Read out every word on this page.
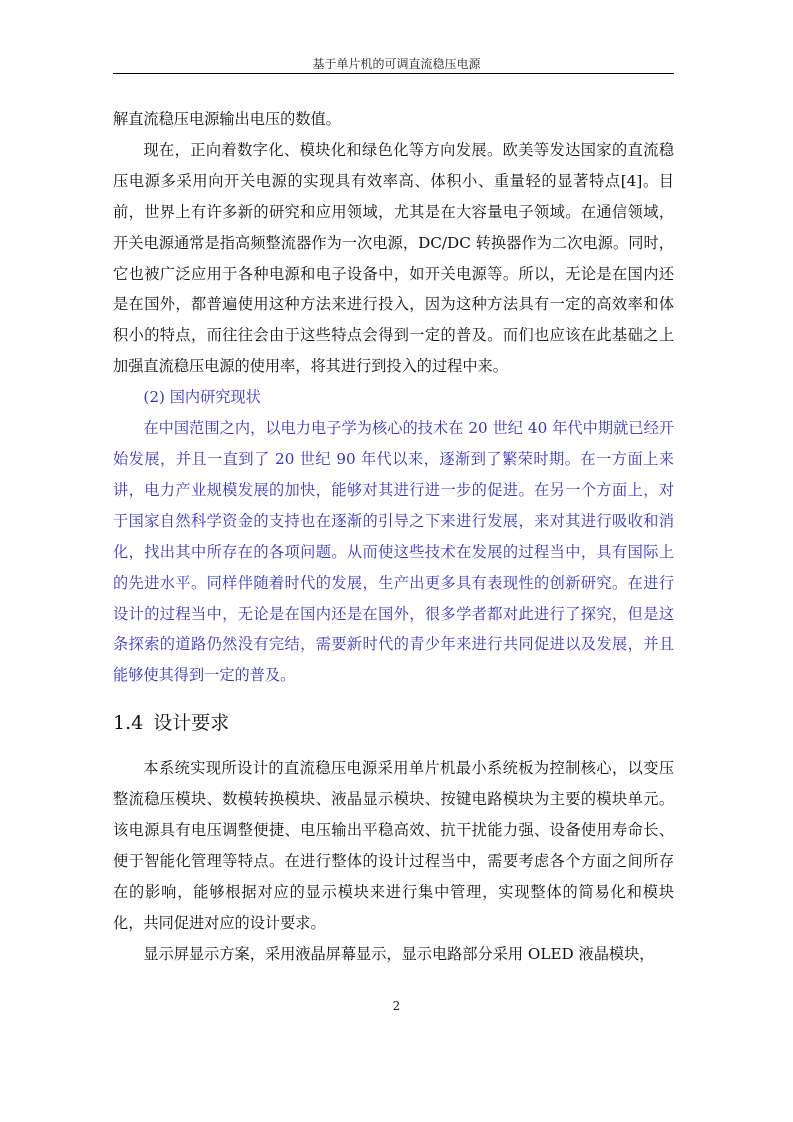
基于单片机的可调直流稳压电源

解直流稳压电源输出电压的数值。

现在，正向着数字化、模块化和绿色化等方向发展。欧美等发达国家的直流稳压电源多采用向开关电源的实现具有效率高、体积小、重量轻的显著特点[4]。目前，世界上有许多新的研究和应用领域，尤其是在大容量电子领域。在通信领域，开关电源通常是指高频整流器作为一次电源，DC/DC 转换器作为二次电源。同时，它也被广泛应用于各种电源和电子设备中，如开关电源等。所以，无论是在国内还是在国外，都普遍使用这种方法来进行投入，因为这种方法具有一定的高效率和体积小的特点，而往往会由于这些特点会得到一定的普及。而们也应该在此基础之上加强直流稳压电源的使用率，将其进行到投入的过程中来。

(2) 国内研究现状

在中国范围之内，以电力电子学为核心的技术在 20 世纪 40 年代中期就已经开始发展，并且一直到了 20 世纪 90 年代以来，逐渐到了繁荣时期。在一方面上来讲，电力产业规模发展的加快，能够对其进行进一步的促进。在另一个方面上，对于国家自然科学资金的支持也在逐渐的引导之下来进行发展，来对其进行吸收和消化，找出其中所存在的各项问题。从而使这些技术在发展的过程当中，具有国际上的先进水平。同样伴随着时代的发展，生产出更多具有表现性的创新研究。在进行设计的过程当中，无论是在国内还是在国外，很多学者都对此进行了探究，但是这条探索的道路仍然没有完结，需要新时代的青少年来进行共同促进以及发展，并且能够使其得到一定的普及。

1.4 设计要求

本系统实现所设计的直流稳压电源采用单片机最小系统板为控制核心，以变压整流稳压模块、数模转换模块、液晶显示模块、按键电路模块为主要的模块单元。该电源具有电压调整便捷、电压输出平稳高效、抗干扰能力强、设备使用寿命长、便于智能化管理等特点。在进行整体的设计过程当中，需要考虑各个方面之间所存在的影响，能够根据对应的显示模块来进行集中管理，实现整体的简易化和模块化，共同促进对应的设计要求。

显示屏显示方案，采用液晶屏幕显示，显示电路部分采用 OLED 液晶模块，

2
